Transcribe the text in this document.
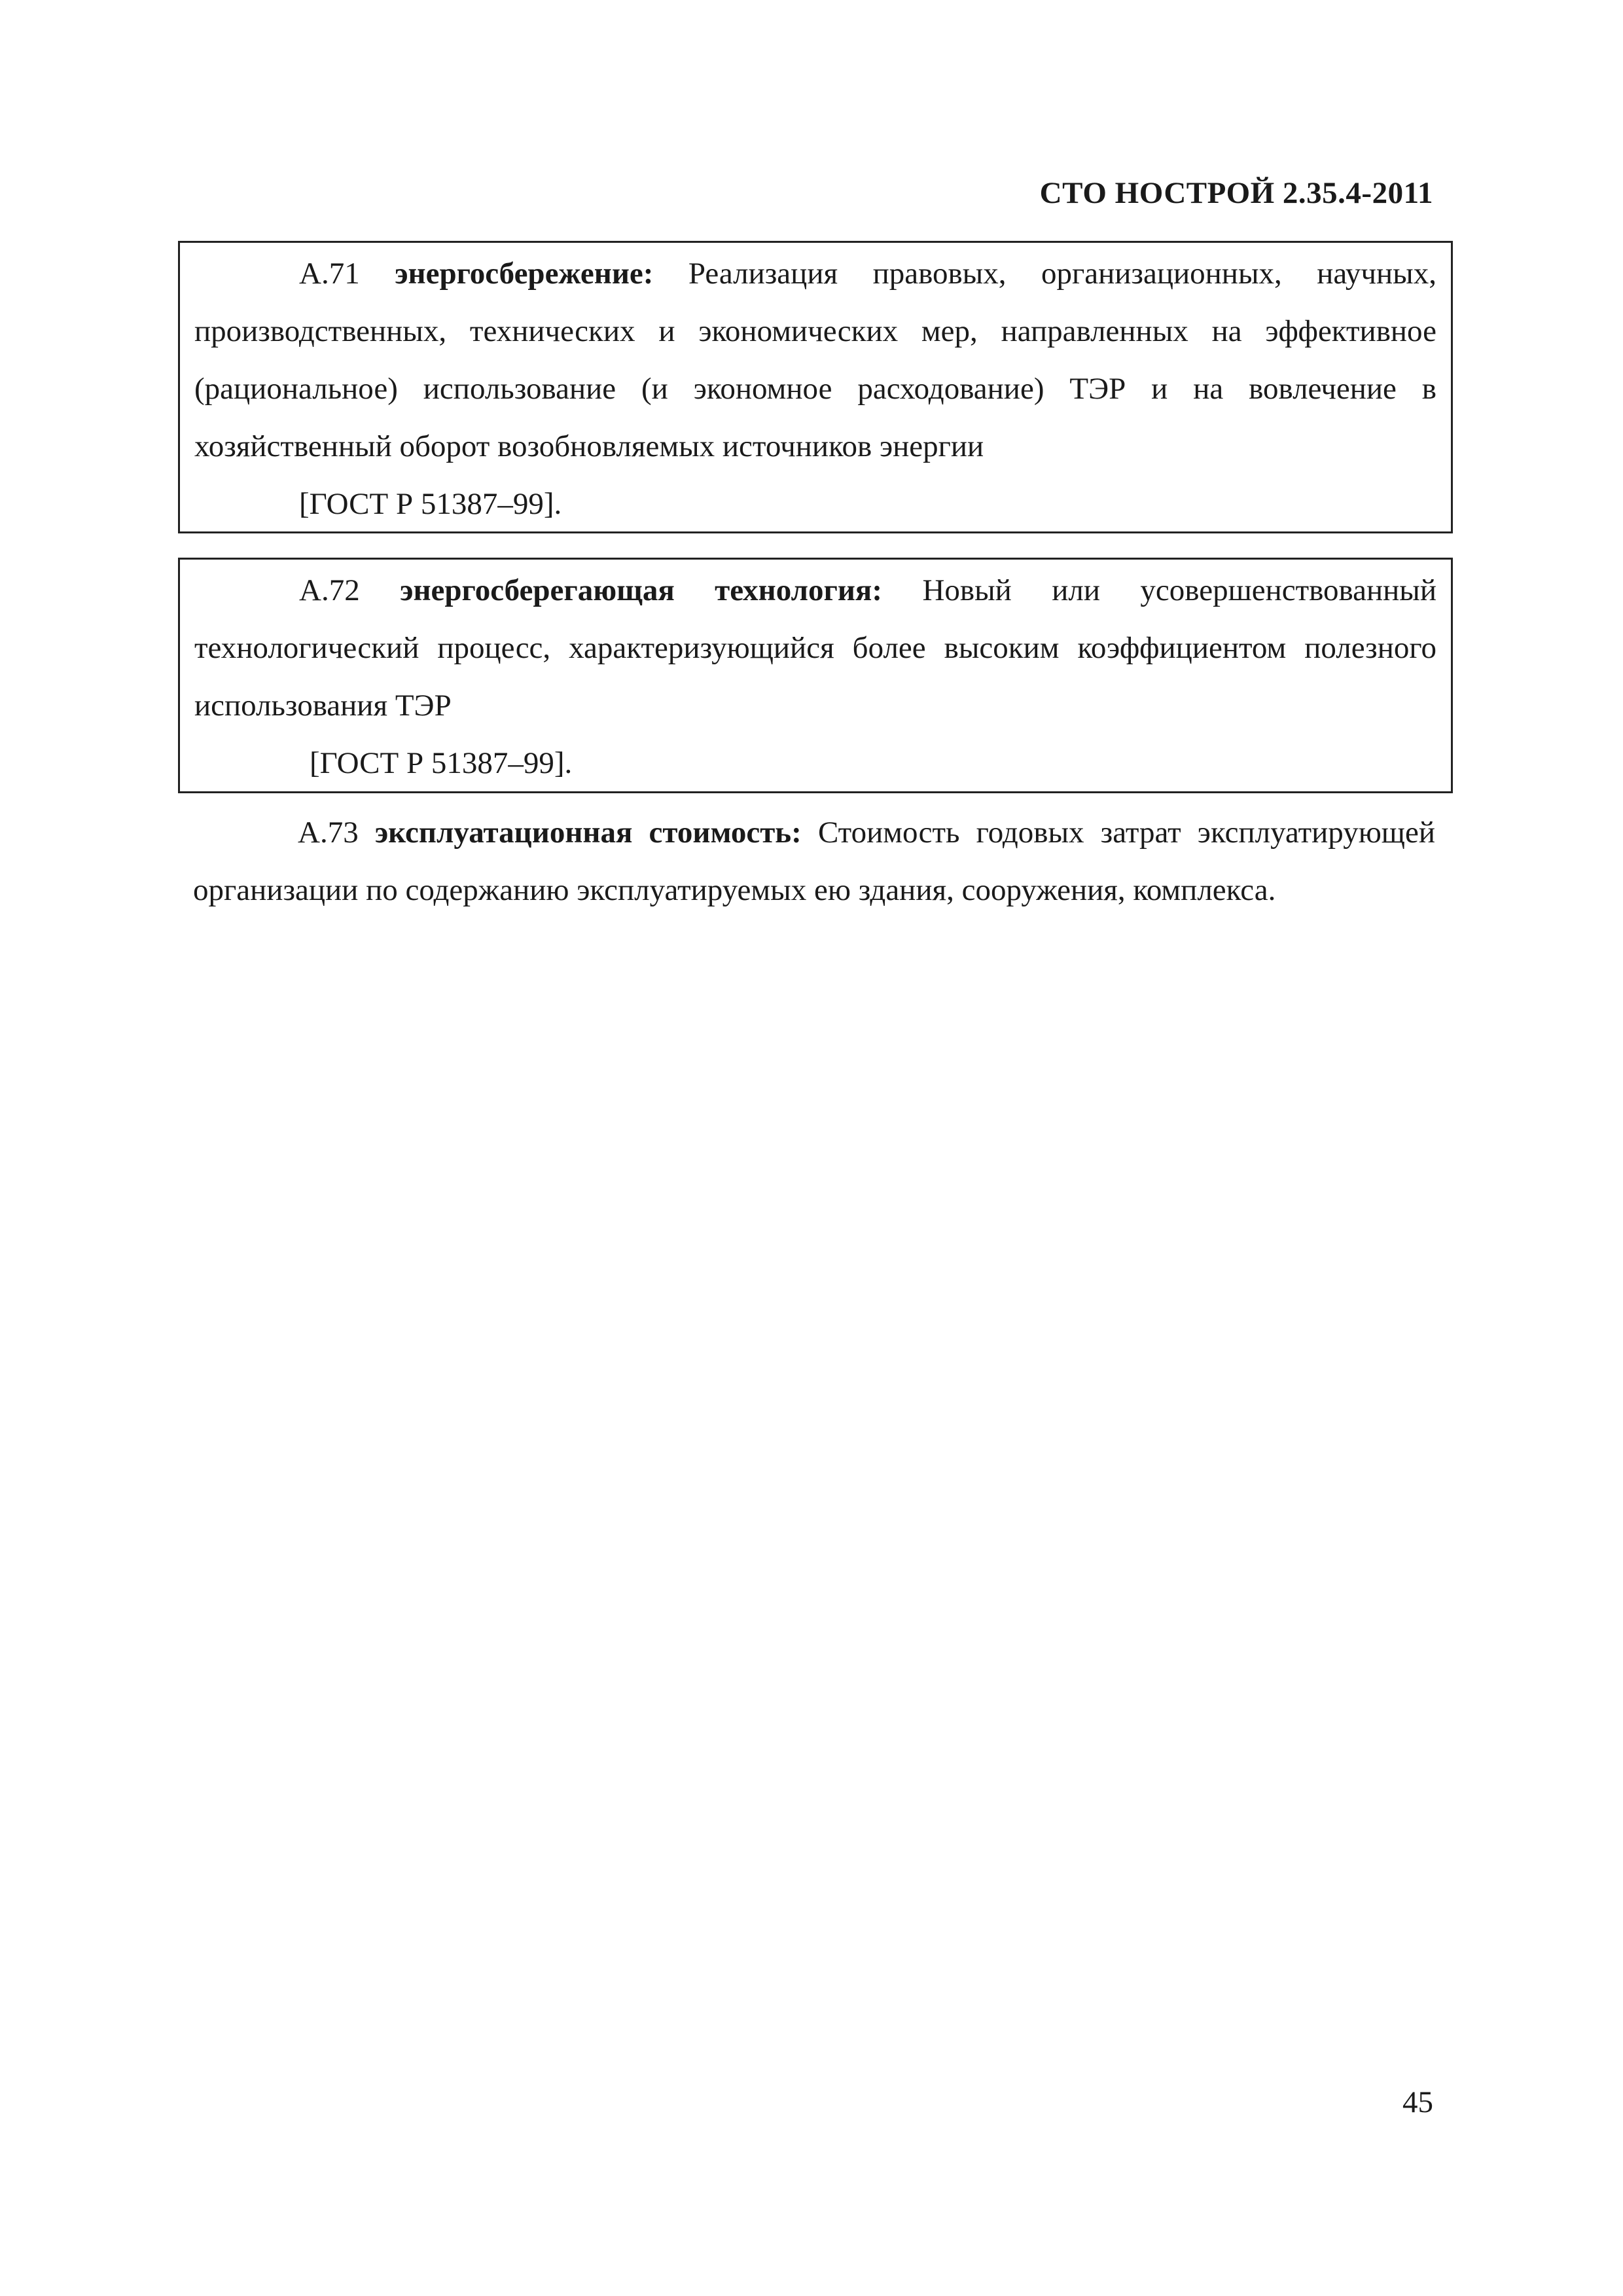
СТО НОСТРОЙ 2.35.4-2011

А.71 энергосбережение: Реализация правовых, организационных, научных, производственных, технических и экономических мер, направленных на эффективное (рациональное) использование (и экономное расходование) ТЭР и на вовлечение в хозяйственный оборот возобновляемых источников энергии

[ГОСТ Р 51387–99].

А.72 энергосберегающая технология: Новый или усовершенствованный технологический процесс, характеризующийся более высоким коэффициентом полезного использования ТЭР

[ГОСТ Р 51387–99].

А.73 эксплуатационная стоимость: Стоимость годовых затрат эксплуатирующей организации по содержанию эксплуатируемых ею здания, сооружения, комплекса.

45
